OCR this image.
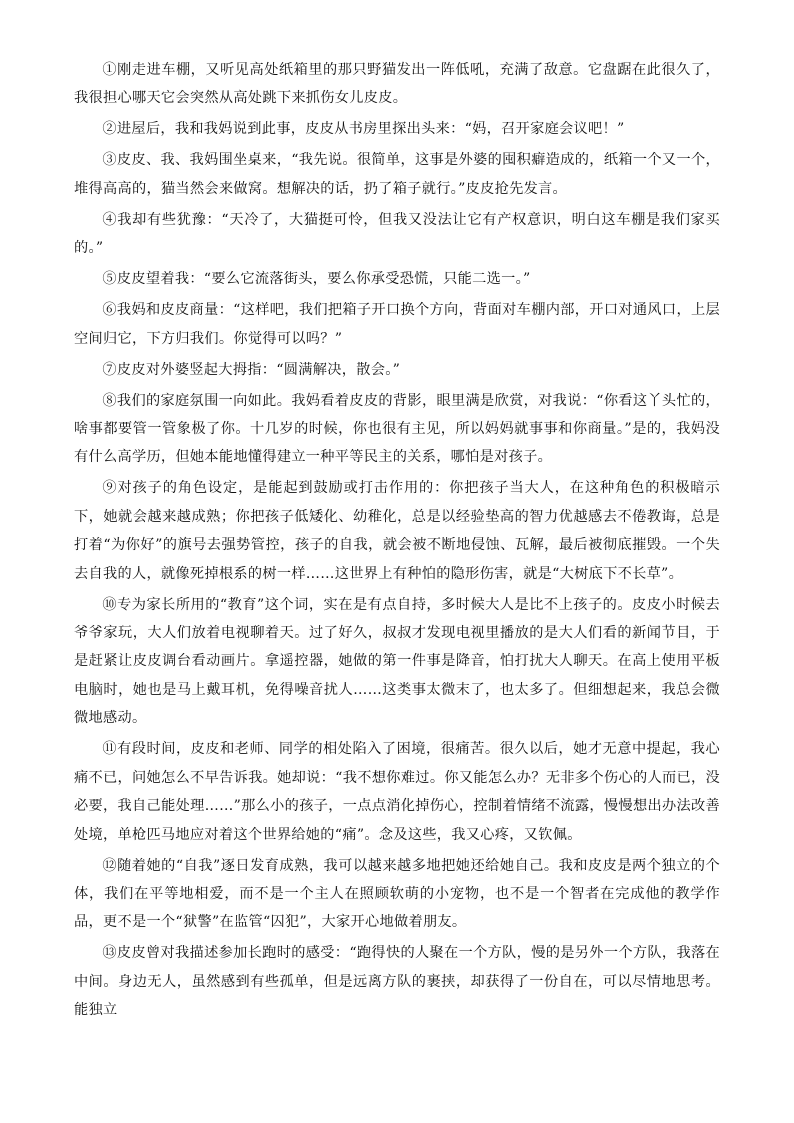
①刚走进车棚，又听见高处纸箱里的那只野猫发出一阵低吼，充满了敌意。它盘踞在此很久了，我很担心哪天它会突然从高处跳下来抓伤女儿皮皮。

②进屋后，我和我妈说到此事，皮皮从书房里探出头来：“妈，召开家庭会议吧！”

③皮皮、我、我妈围坐桌来，“我先说。很简单，这事是外婆的囤积癖造成的，纸箱一个又一个，堆得高高的，猫当然会来做窝。想解决的话，扔了箱子就行。”皮皮抢先发言。

④我却有些犹豫：“天冷了，大猫挺可怜，但我又没法让它有产权意识，明白这车棚是我们家买的。”

⑤皮皮望着我：“要么它流落街头，要么你承受恐慌，只能二选一。”

⑥我妈和皮皮商量：“这样吧，我们把箱子开口换个方向，背面对车棚内部，开口对通风口，上层空间归它，下方归我们。你觉得可以吗？”

⑦皮皮对外婆竖起大拇指：“圆满解决，散会。”

⑧我们的家庭氛围一向如此。我妈看着皮皮的背影，眼里满是欣赏，对我说：“你看这丫头忙的，啥事都要管一管象极了你。十几岁的时候，你也很有主见，所以妈妈就事事和你商量。”是的，我妈没有什么高学历，但她本能地懂得建立一种平等民主的关系，哪怕是对孩子。

⑨对孩子的角色设定，是能起到鼓励或打击作用的：你把孩子当大人，在这种角色的积极暗示下，她就会越来越成熟；你把孩子低矮化、幼稚化，总是以经验垫高的智力优越感去不倦教诲，总是打着“为你好”的旗号去强势管控，孩子的自我，就会被不断地侵蚀、瓦解，最后被彻底摧毁。一个失去自我的人，就像死掉根系的树一样……这世界上有种怕的隐形伤害，就是“大树底下不长草”。

⑩专为家长所用的“教育”这个词，实在是有点自持，多时候大人是比不上孩子的。皮皮小时候去爷爷家玩，大人们放着电视聊着天。过了好久，叔叔才发现电视里播放的是大人们看的新闻节目，于是赶紧让皮皮调台看动画片。拿遥控器，她做的第一件事是降音，怕打扰大人聊天。在高上使用平板电脑时，她也是马上戴耳机，免得噪音扰人……这类事太微末了，也太多了。但细想起来，我总会微微地感动。

⑪有段时间，皮皮和老师、同学的相处陷入了困境，很痛苦。很久以后，她才无意中提起，我心痛不已，问她怎么不早告诉我。她却说：“我不想你难过。你又能怎么办？无非多个伤心的人而已，没必要，我自己能处理……”那么小的孩子，一点点消化掉伤心，控制着情绪不流露，慢慢想出办法改善处境，单枪匹马地应对着这个世界给她的“痛”。念及这些，我又心疼，又钦佩。

⑫随着她的“自我”逐日发育成熟，我可以越来越多地把她还给她自己。我和皮皮是两个独立的个体，我们在平等地相爱，而不是一个主人在照顾软萌的小宠物，也不是一个智者在完成他的教学作品，更不是一个“狱警”在监管“囚犯”，大家开心地做着朋友。

⑬皮皮曾对我描述参加长跑时的感受：“跑得快的人聚在一个方队，慢的是另外一个方队，我落在中间。身边无人，虽然感到有些孤单，但是远离方队的裹挟，却获得了一份自在，可以尽情地思考。能独立
